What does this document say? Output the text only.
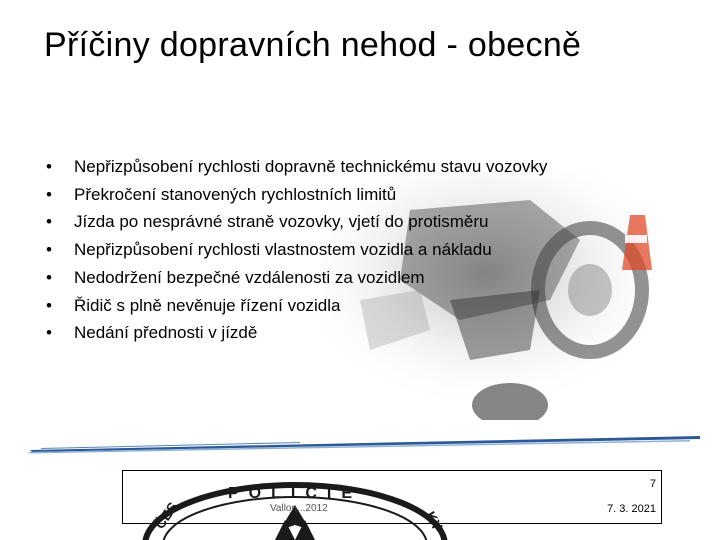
Příčiny dopravních nehod - obecně
• Nepřizpůsobení rychlosti dopravně technickému stavu vozovky
• Překročení stanovených rychlostních limitů
• Jízda po nesprávné straně vozovky, vjetí do protisměru
• Nepřizpůsobení rychlosti vlastnostem vozidla a nákladu
• Nedodržení bezpečné vzdálenosti za vozidlem
• Řidič s plně nevěnuje řízení vozidla
• Nedání přednosti v jízdě
POLICIE
ČES	KY
7
Vallon...2012	7. 3. 2021
